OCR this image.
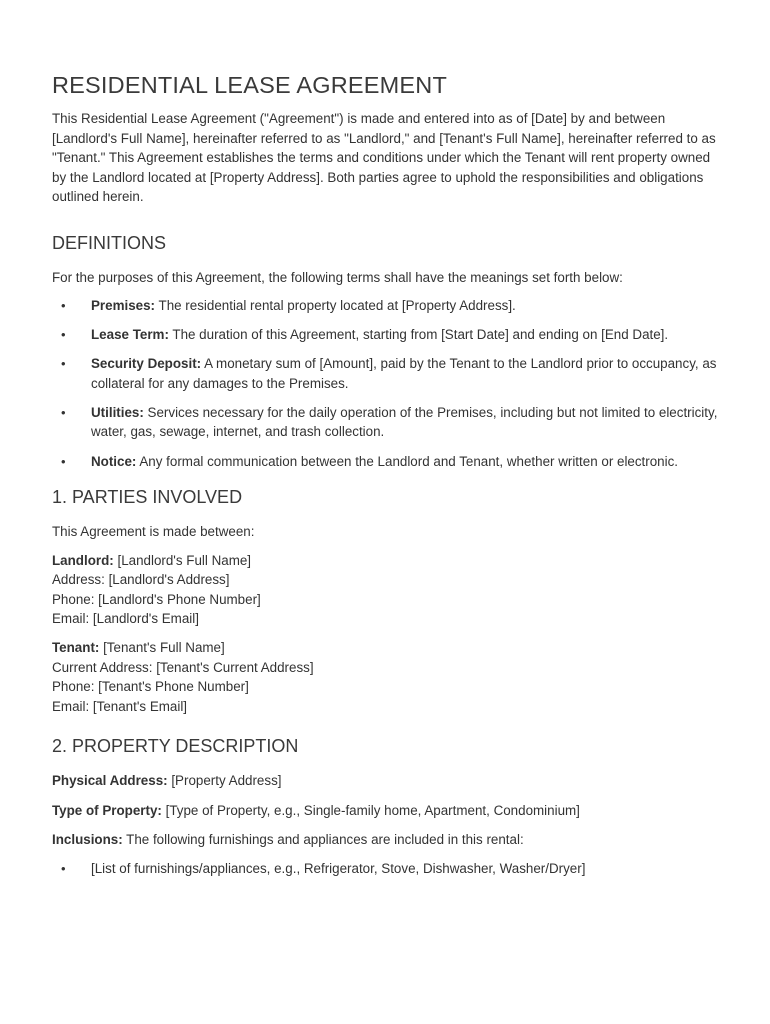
RESIDENTIAL LEASE AGREEMENT

This Residential Lease Agreement ("Agreement") is made and entered into as of [Date] by and between [Landlord's Full Name], hereinafter referred to as "Landlord," and [Tenant's Full Name], hereinafter referred to as "Tenant." This Agreement establishes the terms and conditions under which the Tenant will rent property owned by the Landlord located at [Property Address]. Both parties agree to uphold the responsibilities and obligations outlined herein.

DEFINITIONS

For the purposes of this Agreement, the following terms shall have the meanings set forth below:

• Premises: The residential rental property located at [Property Address].
• Lease Term: The duration of this Agreement, starting from [Start Date] and ending on [End Date].
• Security Deposit: A monetary sum of [Amount], paid by the Tenant to the Landlord prior to occupancy, as collateral for any damages to the Premises.
• Utilities: Services necessary for the daily operation of the Premises, including but not limited to electricity, water, gas, sewage, internet, and trash collection.
• Notice: Any formal communication between the Landlord and Tenant, whether written or electronic.
1. PARTIES INVOLVED

This Agreement is made between:

Landlord: [Landlord's Full Name]

Address: [Landlord's Address]

Phone: [Landlord's Phone Number]

Email: [Landlord's Email]

Tenant: [Tenant's Full Name]

Current Address: [Tenant's Current Address]

Phone: [Tenant's Phone Number]

Email: [Tenant's Email]

2. PROPERTY DESCRIPTION

Physical Address: [Property Address]

Type of Property: [Type of Property, e.g., Single-family home, Apartment, Condominium]

Inclusions: The following furnishings and appliances are included in this rental:

• [List of furnishings/appliances, e.g., Refrigerator, Stove, Dishwasher, Washer/Dryer]
